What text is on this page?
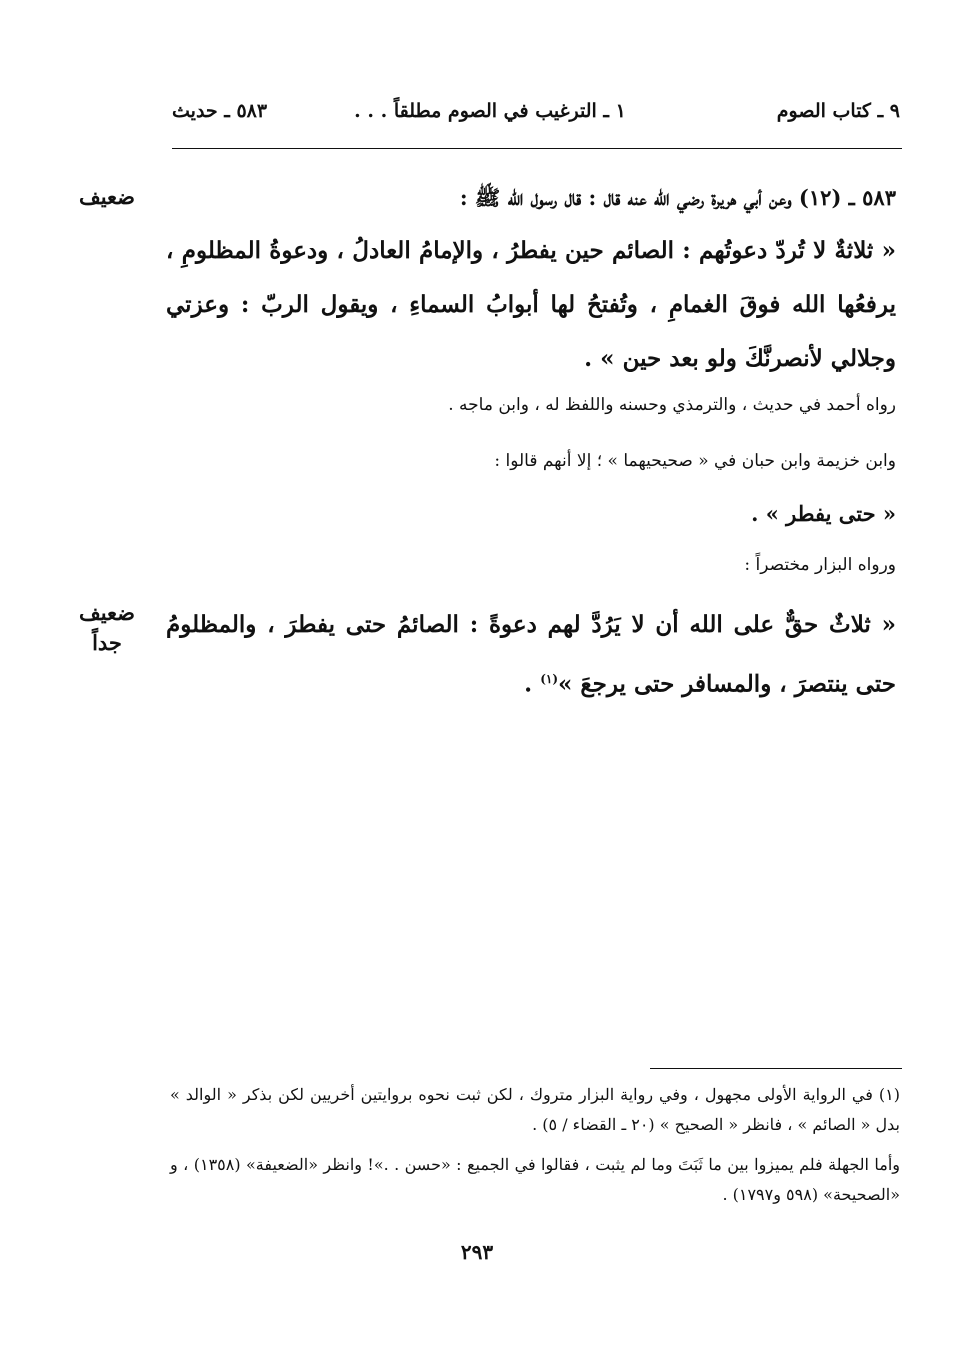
٩ ـ كتاب الصوم
١ ـ الترغيب في الصوم مطلقاً . . .
٥٨٣ ـ حديث
ضعيف	٥٨٣ ـ (١٢) وعن أبي هريرة رضي الله عنه قال : قال رسول الله ﷺ :
« ثلاثةٌ لا تُردّ دعوتُهم : الصائم حين يفطرُ ، والإمامُ العادلُ ، ودعوةُ المظلومِ ، يرفعُها الله فوقَ الغمامِ ، وتُفتحُ لها أبوابُ السماءِ ، ويقول الربّ : وعزتي وجلالي لأنصرنَّكَ ولو بعد حين » .
رواه أحمد في حديث ، والترمذي وحسنه واللفظ له ، وابن ماجه .
وابن خزيمة وابن حبان في « صحيحيهما » ؛ إلا أنهم قالوا :
« حتى يفطر » .
ورواه البزار مختصراً :
ضعيف
جداً
« ثلاثٌ حقٌّ على الله أن لا يَرُدَّ لهم دعوةً : الصائمُ حتى يفطرَ ، والمظلومُ حتى ينتصرَ ، والمسافر حتى يرجعَ »$^{(١)}$ .
(١) في الرواية الأولى مجهول ، وفي رواية البزار متروك ، لكن ثبت نحوه بروايتين أخريين لكن بذكر « الوالد » بدل « الصائم » ، فانظر « الصحيح » (٢٠ ـ القضاء / ٥) .
وأما الجهلة فلم يميزوا بين ما ثَبَتَ وما لم يثبت ، فقالوا في الجميع : «حسن . .»! وانظر «الضعيفة» (١٣٥٨) ، و «الصحيحة» (٥٩٨ و١٧٩٧) .
٢٩٣
